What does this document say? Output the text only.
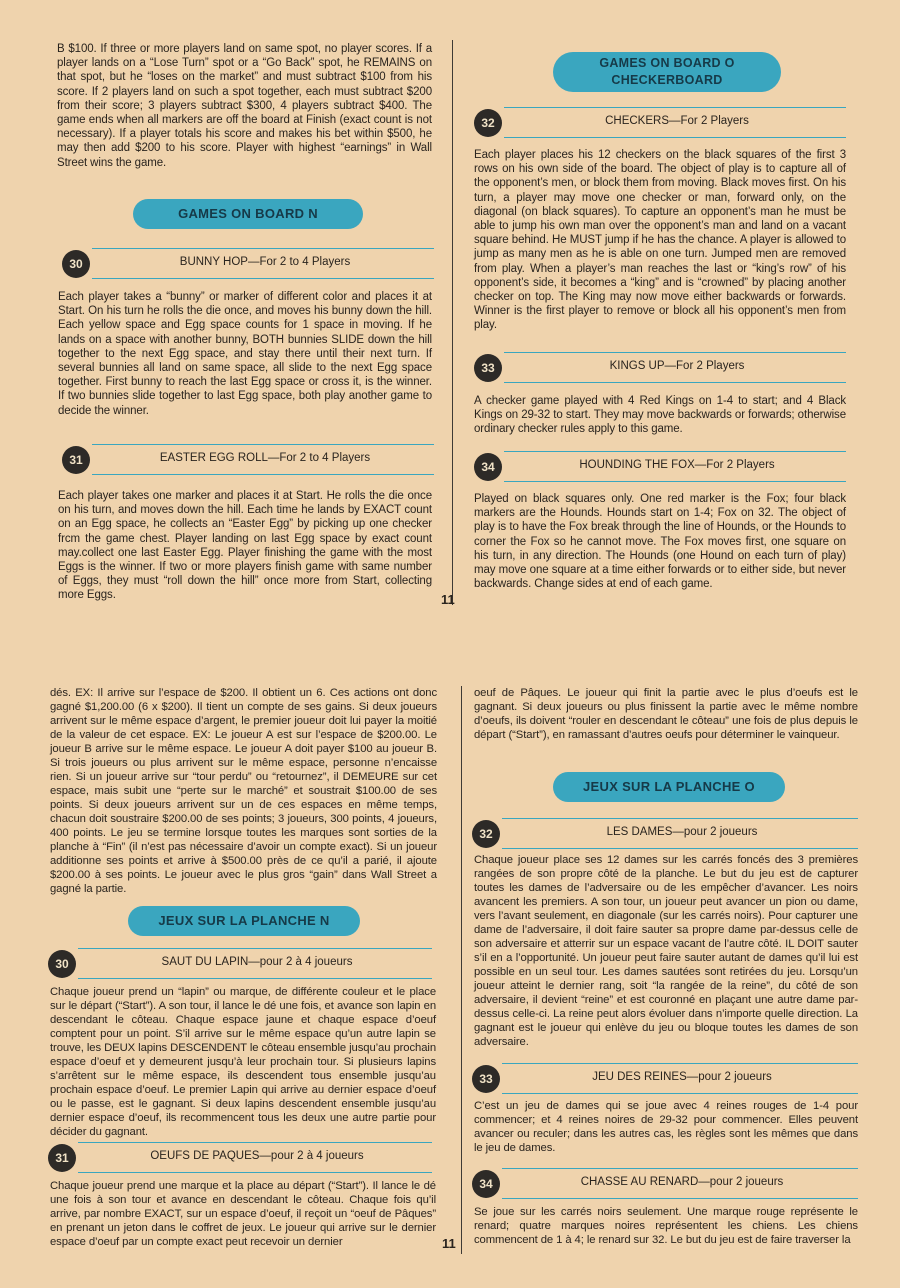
B $100. If three or more players land on same spot, no player scores. If a player lands on a “Lose Turn” spot or a “Go Back” spot, he REMAINS on that spot, but he “loses on the market” and must subtract $100 from his score. If 2 players land on such a spot together, each must subtract $200 from their score; 3 players subtract $300, 4 players subtract $400. The game ends when all markers are off the board at Finish (exact count is not necessary). If a player totals his score and makes his bet within $500, he may then add $200 to his score. Player with highest “earnings” in Wall Street wins the game.

GAMES ON BOARD N
30	BUNNY HOP—For 2 to 4 Players

Each player takes a “bunny” or marker of different color and places it at Start. On his turn he rolls the die once, and moves his bunny down the hill. Each yellow space and Egg space counts for 1 space in moving. If he lands on a space with another bunny, BOTH bunnies SLIDE down the hill together to the next Egg space, and stay there until their next turn. If several bunnies all land on same space, all slide to the next Egg space together. First bunny to reach the last Egg space or cross it, is the winner. If two bunnies slide together to last Egg space, both play another game to decide the winner.

31	EASTER EGG ROLL—For 2 to 4 Players

Each player takes one marker and places it at Start. He rolls the die once on his turn, and moves down the hill. Each time he lands by EXACT count on an Egg space, he collects an “Easter Egg” by picking up one checker frcm the game chest. Player landing on last Egg space by exact count may.collect one last Easter Egg. Player finishing the game with the most Eggs is the winner. If two or more players finish game with same number of Eggs, they must “roll down the hill” once more from Start, collecting more Eggs.	11
GAMES ON BOARD O
CHECKERBOARD
32	CHECKERS—For 2 Players

Each player places his 12 checkers on the black squares of the first 3 rows on his own side of the board. The object of play is to capture all of the opponent’s men, or block them from moving. Black moves first. On his turn, a player may move one checker or man, forward only, on the diagonal (on black squares). To capture an opponent’s man he must be able to jump his own man over the opponent’s man and land on a vacant square behind. He MUST jump if he has the chance. A player is allowed to jump as many men as he is able on one turn. Jumped men are removed from play. When a player’s man reaches the last or “king’s row” of his opponent’s side, it becomes a “king” and is “crowned” by placing another checker on top. The King may now move either backwards or forwards. Winner is the first player to remove or block all his opponent’s men from play.

33	KINGS UP—For 2 Players

A checker game played with 4 Red Kings on 1-4 to start; and 4 Black Kings on 29-32 to start. They may move backwards or forwards; otherwise ordinary checker rules apply to this game.

34	HOUNDING THE FOX—For 2 Players

Played on black squares only. One red marker is the Fox; four black markers are the Hounds. Hounds start on 1-4; Fox on 32. The object of play is to have the Fox break through the line of Hounds, or the Hounds to corner the Fox so he cannot move. The Fox moves first, one square on his turn, in any direction. The Hounds (one Hound on each turn of play) may move one square at a time either forwards or to either side, but never backwards. Change sides at end of each game.

dés. EX: Il arrive sur l’espace de $200. Il obtient un 6. Ces actions ont donc gagné $1,200.00 (6 x $200). Il tient un compte de ses gains. Si deux joueurs arrivent sur le même espace d’argent, le premier joueur doit lui payer la moitié de la valeur de cet espace. EX: Le joueur A est sur l’espace de $200.00. Le joueur B arrive sur le même espace. Le joueur A doit payer $100 au joueur B. Si trois joueurs ou plus arrivent sur le même espace, personne n’encaisse rien. Si un joueur arrive sur “tour perdu” ou “retournez”, il DEMEURE sur cet espace, mais subit une “perte sur le marché” et soustrait $100.00 de ses points. Si deux joueurs arrivent sur un de ces espaces en même temps, chacun doit soustraire $200.00 de ses points; 3 joueurs, 300 points, 4 joueurs, 400 points. Le jeu se termine lorsque toutes les marques sont sorties de la planche à “Fin” (il n’est pas nécessaire d’avoir un compte exact). Si un joueur additionne ses points et arrive à $500.00 près de ce qu’il a parié, il ajoute $200.00 à ses points. Le joueur avec le plus gros “gain” dans Wall Street a gagné la partie.

JEUX SUR LA PLANCHE N
30	SAUT DU LAPIN—pour 2 à 4 joueurs

Chaque joueur prend un “lapin” ou marque, de différente couleur et le place sur le départ (“Start”). A son tour, il lance le dé une fois, et avance son lapin en descendant le côteau. Chaque espace jaune et chaque espace d’oeuf comptent pour un point. S’il arrive sur le même espace qu’un autre lapin se trouve, les DEUX lapins DESCENDENT le côteau ensemble jusqu’au prochain espace d’oeuf et y demeurent jusqu’à leur prochain tour. Si plusieurs lapins s’arrêtent sur le même espace, ils descendent tous ensemble jusqu’au prochain espace d’oeuf. Le premier Lapin qui arrive au dernier espace d’oeuf ou le passe, est le gagnant. Si deux lapins descendent ensemble jusqu’au dernier espace d’oeuf, ils recommencent tous les deux une autre partie pour décider du gagnant.

31	OEUFS DE PAQUES—pour 2 à 4 joueurs

Chaque joueur prend une marque et la place au départ (“Start”). Il lance le dé une fois à son tour et avance en descendant le côteau. Chaque fois qu’il arrive, par nombre EXACT, sur un espace d’oeuf, il reçoit un “oeuf de Pâques” en prenant un jeton dans le coffret de jeux. Le joueur qui arrive sur le dernier espace d’oeuf par un compte exact peut recevoir un dernier	11

oeuf de Pâques. Le joueur qui finit la partie avec le plus d’oeufs est le gagnant. Si deux joueurs ou plus finissent la partie avec le même nombre d’oeufs, ils doivent “rouler en descendant le côteau” une fois de plus depuis le départ (“Start”), en ramassant d’autres oeufs pour déterminer le vainqueur.

JEUX SUR LA PLANCHE O
32	LES DAMES—pour 2 joueurs

Chaque joueur place ses 12 dames sur les carrés foncés des 3 premières rangées de son propre côté de la planche. Le but du jeu est de capturer toutes les dames de l’adversaire ou de les empêcher d’avancer. Les noirs avancent les premiers. A son tour, un joueur peut avancer un pion ou dame, vers l’avant seulement, en diagonale (sur les carrés noirs). Pour capturer une dame de l’adversaire, il doit faire sauter sa propre dame par-dessus celle de son adversaire et atterrir sur un espace vacant de l’autre côté. IL DOIT sauter s’il en a l’opportunité. Un joueur peut faire sauter autant de dames qu’il lui est possible en un seul tour. Les dames sautées sont retirées du jeu. Lorsqu’un joueur atteint le dernier rang, soit “la rangée de la reine”, du côté de son adversaire, il devient “reine” et est couronné en plaçant une autre dame par-dessus celle-ci. La reine peut alors évoluer dans n’importe quelle direction. La gagnant est le joueur qui enlève du jeu ou bloque toutes les dames de son adversaire.

33	JEU DES REINES—pour 2 joueurs

C’est un jeu de dames qui se joue avec 4 reines rouges de 1-4 pour commencer; et 4 reines noires de 29-32 pour commencer. Elles peuvent avancer ou reculer; dans les autres cas, les règles sont les mêmes que dans le jeu de dames.

34	CHASSE AU RENARD—pour 2 joueurs

Se joue sur les carrés noirs seulement. Une marque rouge représente le renard; quatre marques noires représentent les chiens. Les chiens commencent de 1 à 4; le renard sur 32. Le but du jeu est de faire traverser la
